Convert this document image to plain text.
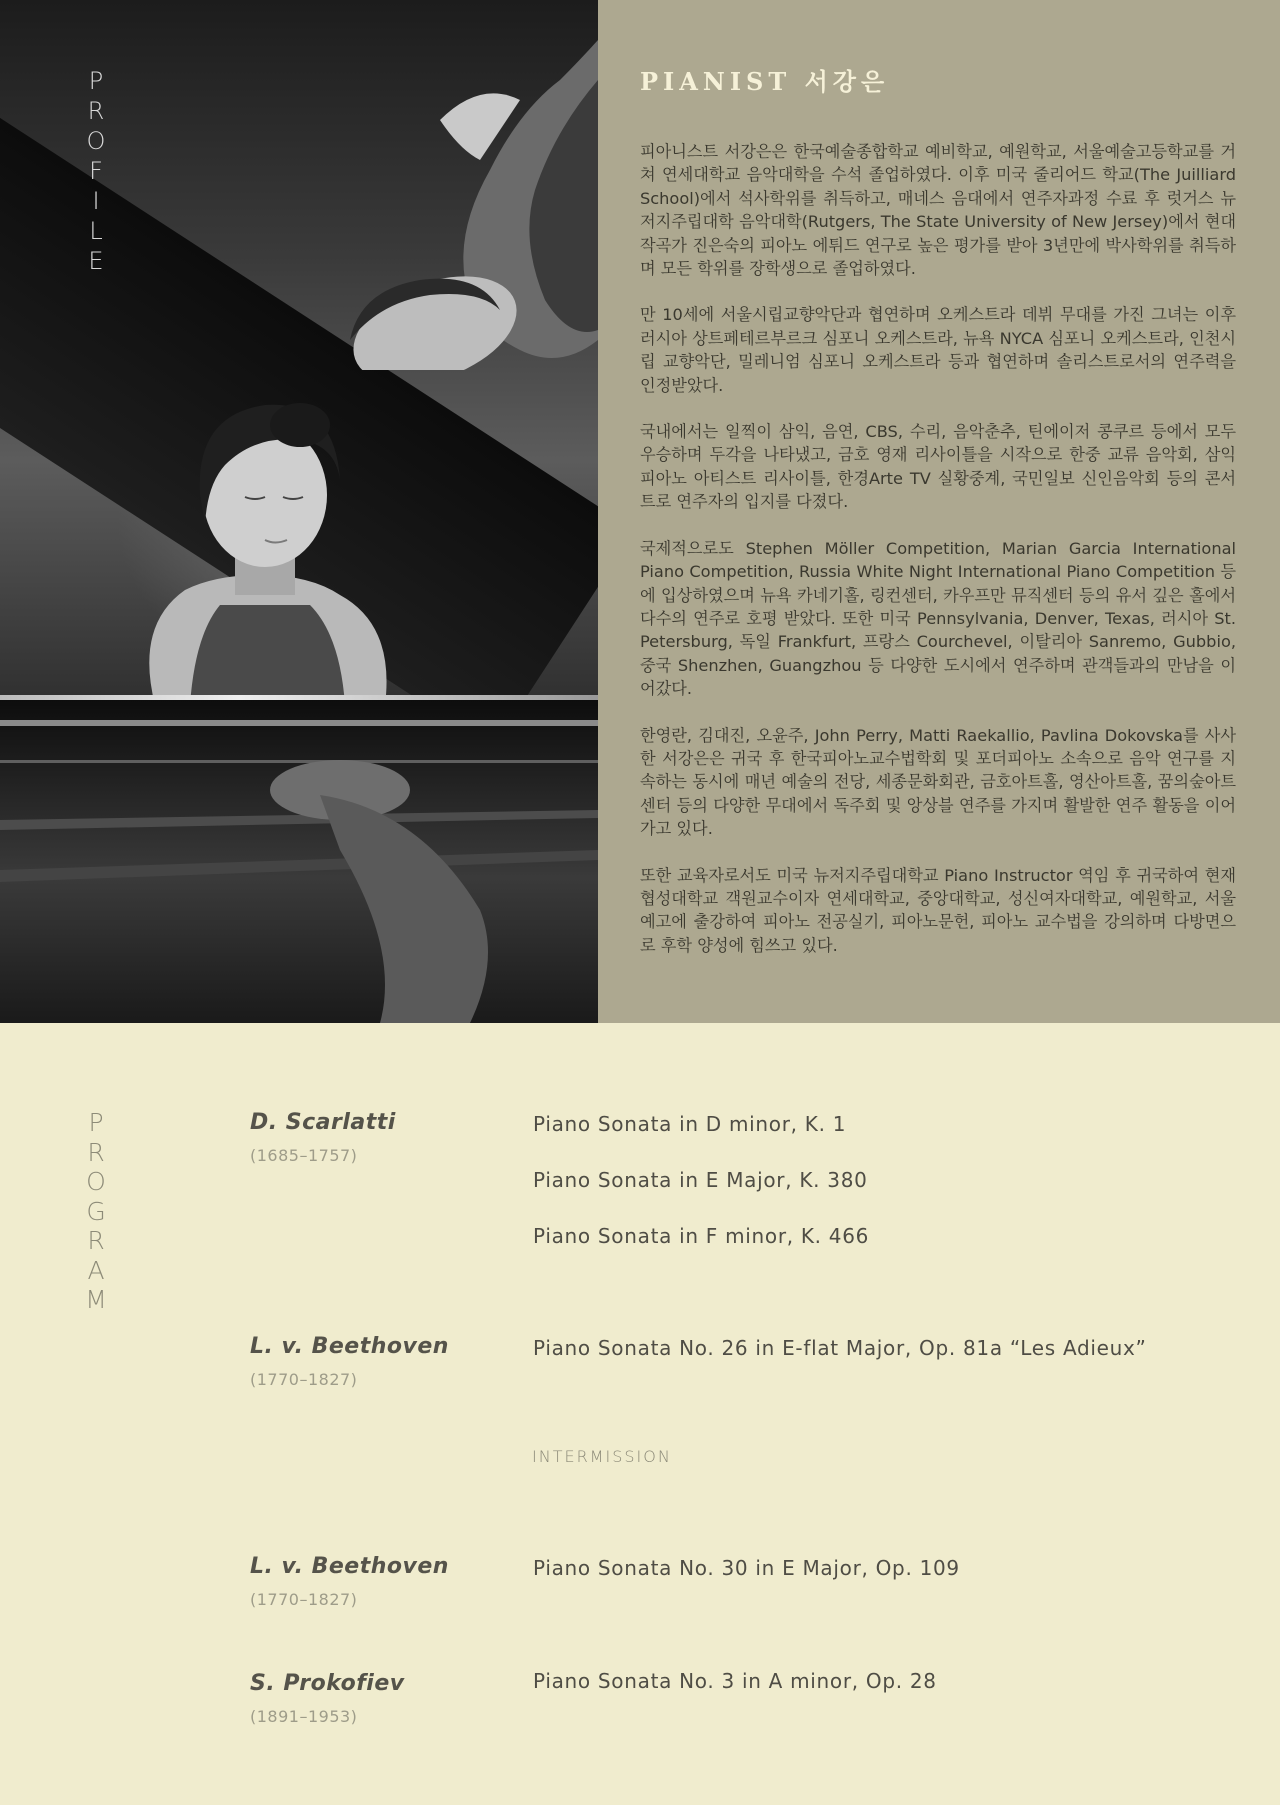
P
R
O
F
I
L
E
PIANIST 서강은

피아니스트 서강은은 한국예술종합학교 예비학교, 예원학교, 서울예술고등학교를 거쳐 연세대학교 음악대학을 수석 졸업하였다. 이후 미국 줄리어드 학교(The Juilliard School)에서 석사학위를 취득하고, 매네스 음대에서 연주자과정 수료 후 럿거스 뉴저지주립대학 음악대학(Rutgers, The State University of New Jersey)에서 현대작곡가 진은숙의 피아노 에튀드 연구로 높은 평가를 받아 3년만에 박사학위를 취득하며 모든 학위를 장학생으로 졸업하였다.

만 10세에 서울시립교향악단과 협연하며 오케스트라 데뷔 무대를 가진 그녀는 이후 러시아 상트페테르부르크 심포니 오케스트라, 뉴욕 NYCA 심포니 오케스트라, 인천시립 교향악단, 밀레니엄 심포니 오케스트라 등과 협연하며 솔리스트로서의 연주력을 인정받았다.

국내에서는 일찍이 삼익, 음연, CBS, 수리, 음악춘추, 틴에이저 콩쿠르 등에서 모두 우승하며 두각을 나타냈고, 금호 영재 리사이틀을 시작으로 한중 교류 음악회, 삼익 피아노 아티스트 리사이틀, 한경Arte TV 실황중계, 국민일보 신인음악회 등의 콘서트로 연주자의 입지를 다졌다.

국제적으로도 Stephen Möller Competition, Marian Garcia International Piano Competition, Russia White Night International Piano Competition 등에 입상하였으며 뉴욕 카네기홀, 링컨센터, 카우프만 뮤직센터 등의 유서 깊은 홀에서 다수의 연주로 호평 받았다. 또한 미국 Pennsylvania, Denver, Texas, 러시아 St. Petersburg, 독일 Frankfurt, 프랑스 Courchevel, 이탈리아 Sanremo, Gubbio, 중국 Shenzhen, Guangzhou 등 다양한 도시에서 연주하며 관객들과의 만남을 이어갔다.

한영란, 김대진, 오윤주, John Perry, Matti Raekallio, Pavlina Dokovska를 사사한 서강은은 귀국 후 한국피아노교수법학회 및 포더피아노 소속으로 음악 연구를 지속하는 동시에 매년 예술의 전당, 세종문화회관, 금호아트홀, 영산아트홀, 꿈의숲아트센터 등의 다양한 무대에서 독주회 및 앙상블 연주를 가지며 활발한 연주 활동을 이어가고 있다.

또한 교육자로서도 미국 뉴저지주립대학교 Piano Instructor 역임 후 귀국하여 현재 협성대학교 객원교수이자 연세대학교, 중앙대학교, 성신여자대학교, 예원학교, 서울예고에 출강하여 피아노 전공실기, 피아노문헌, 피아노 교수법을 강의하며 다방면으로 후학 양성에 힘쓰고 있다.

P
R
O
G
R
A
M
D. Scarlatti
(1685–1757)
Piano Sonata in D minor, K. 1
Piano Sonata in E Major, K. 380
Piano Sonata in F minor, K. 466
L. v. Beethoven
(1770–1827)
Piano Sonata No. 26 in E-flat Major, Op. 81a “Les Adieux”
INTERMISSION
L. v. Beethoven
(1770–1827)
Piano Sonata No. 30 in E Major, Op. 109
S. Prokofiev
(1891–1953)
Piano Sonata No. 3 in A minor, Op. 28
